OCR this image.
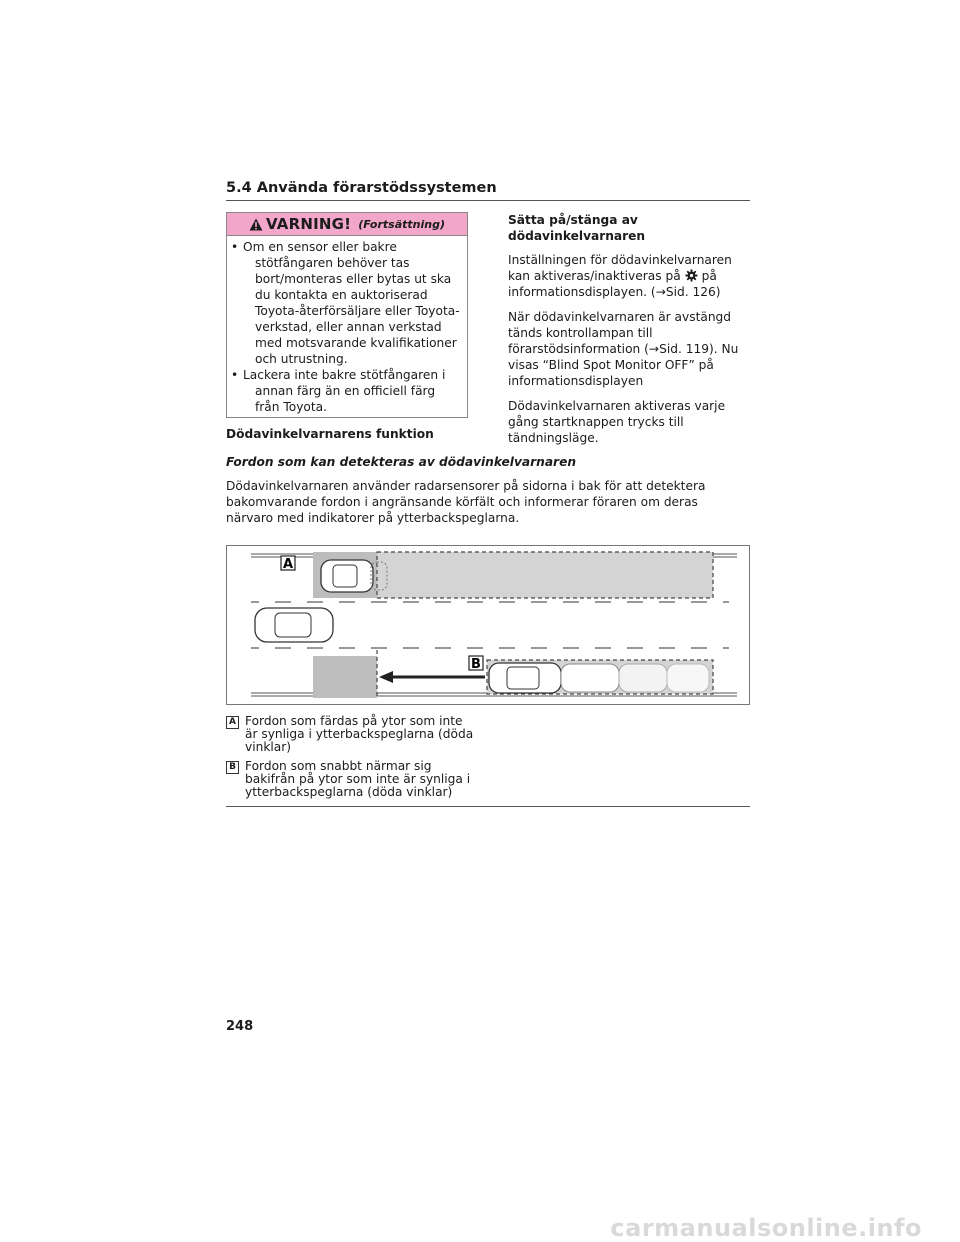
5.4 Använda förarstödssystemen
VARNING! (Fortsättning)
• Om en sensor eller bakre
stötfångaren behöver tas bort/monteras eller bytas ut ska du kontakta en auktoriserad Toyota-återförsäljare eller Toyota-verkstad, eller annan verkstad med motsvarande kvalifikationer och utrustning.
• Lackera inte bakre stötfångaren i
annan färg än en officiell färg från Toyota.
Sätta på/stänga av dödavinkelvarnaren

Inställningen för dödavinkelvarnaren kan aktiveras/inaktiveras på på informationsdisplayen. (→Sid. 126)

När dödavinkelvarnaren är avstängd tänds kontrollampan till förarstödsinformation (→Sid. 119). Nu visas “Blind Spot Monitor OFF” på informationsdisplayen

Dödavinkelvarnaren aktiveras varje gång startknappen trycks till tändningsläge.

Dödavinkelvarnarens funktion
Fordon som kan detekteras av dödavinkelvarnaren
Dödavinkelvarnaren använder radarsensorer på sidorna i bak för att detektera bakomvarande fordon i angränsande körfält och informerar föraren om deras närvaro med indikatorer på ytterbackspeglarna.
A
B
A Fordon som färdas på ytor som inte är synliga i ytterbackspeglarna (döda vinklar)
B Fordon som snabbt närmar sig bakifrån på ytor som inte är synliga i ytterbackspeglarna (döda vinklar)
248
carmanualsonline.info
